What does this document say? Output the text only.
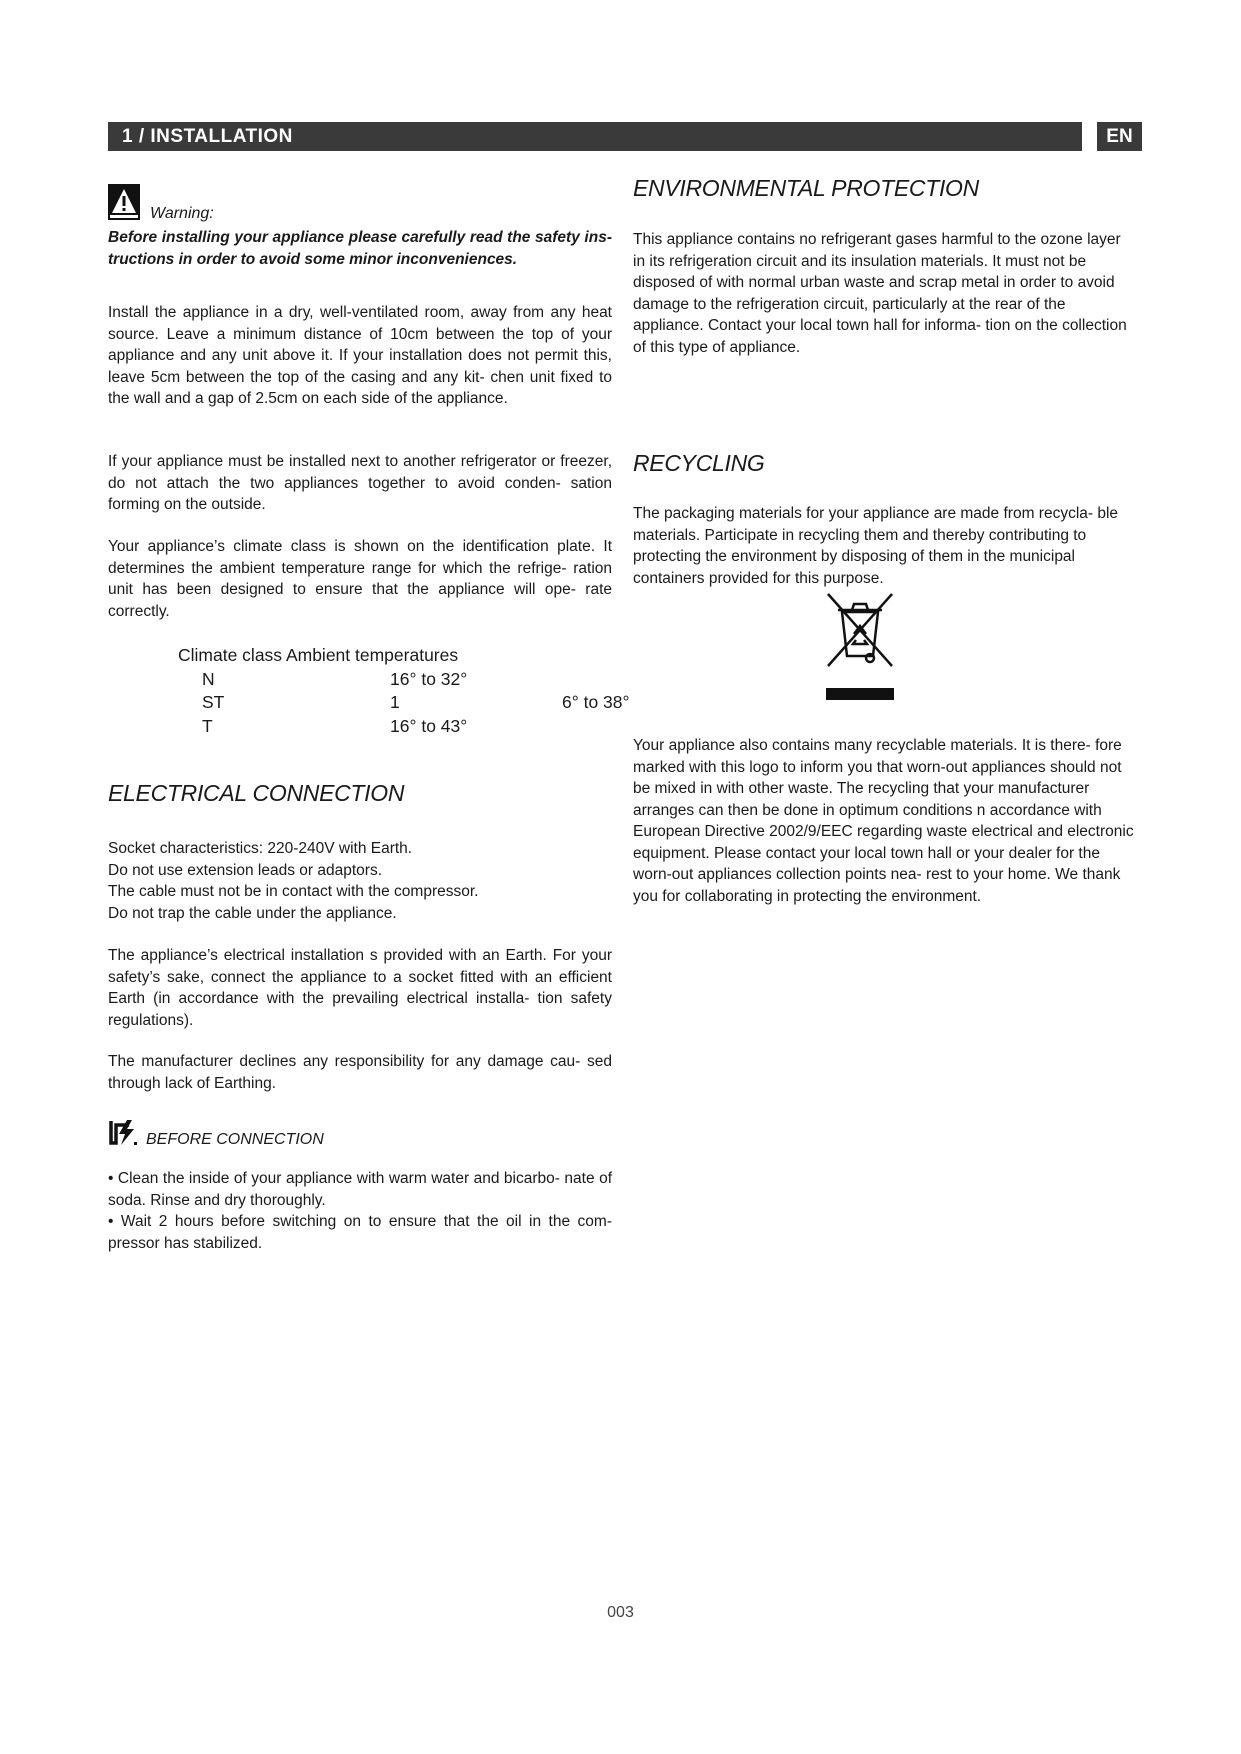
1 / INSTALLATION	EN
Warning:

Before installing your appliance please carefully read the safety ins- tructions in order to avoid some minor inconveniences.

Install the appliance in a dry, well-ventilated room, away from any heat source. Leave a minimum distance of 10cm between the top of your appliance and any unit above it. If your installation does not permit this, leave 5cm between the top of the casing and any kit- chen unit fixed to the wall and a gap of 2.5cm on each side of the appliance.

If your appliance must be installed next to another refrigerator or freezer, do not attach the two appliances together to avoid conden- sation forming on the outside.

Your appliance’s climate class is shown on the identification plate. It determines the ambient temperature range for which the refrige- ration unit has been designed to ensure that the appliance will ope- rate correctly.

Climate class Ambient temperatures
N	16° to 32°
ST	1	6° to 38°
T	16° to 43°
ELECTRICAL CONNECTION
Socket characteristics: 220-240V with Earth.
Do not use extension leads or adaptors.
The cable must not be in contact with the compressor.
Do not trap the cable under the appliance.

The appliance’s electrical installation s provided with an Earth. For your safety’s sake, connect the appliance to a socket fitted with an efficient Earth (in accordance with the prevailing electrical installa- tion safety regulations).

The manufacturer declines any responsibility for any damage cau- sed through lack of Earthing.

BEFORE CONNECTION

• Clean the inside of your appliance with warm water and bicarbo- nate of soda. Rinse and dry thoroughly.

• Wait 2 hours before switching on to ensure that the oil in the com- pressor has stabilized.

ENVIRONMENTAL PROTECTION

This appliance contains no refrigerant gases harmful to the ozone layer in its refrigeration circuit and its insulation materials. It must not be disposed of with normal urban waste and scrap metal in order to avoid damage to the refrigeration circuit, particularly at the rear of the appliance. Contact your local town hall for informa- tion on the collection of this type of appliance.

RECYCLING

The packaging materials for your appliance are made from recycla- ble materials. Participate in recycling them and thereby contributing to protecting the environment by disposing of them in the municipal containers provided for this purpose.

Your appliance also contains many recyclable materials. It is there- fore marked with this logo to inform you that worn-out appliances should not be mixed in with other waste. The recycling that your manufacturer arranges can then be done in optimum conditions n accordance with European Directive 2002/9/EEC regarding waste electrical and electronic equipment. Please contact your local town hall or your dealer for the worn-out appliances collection points nea- rest to your home. We thank you for collaborating in protecting the environment.

003
